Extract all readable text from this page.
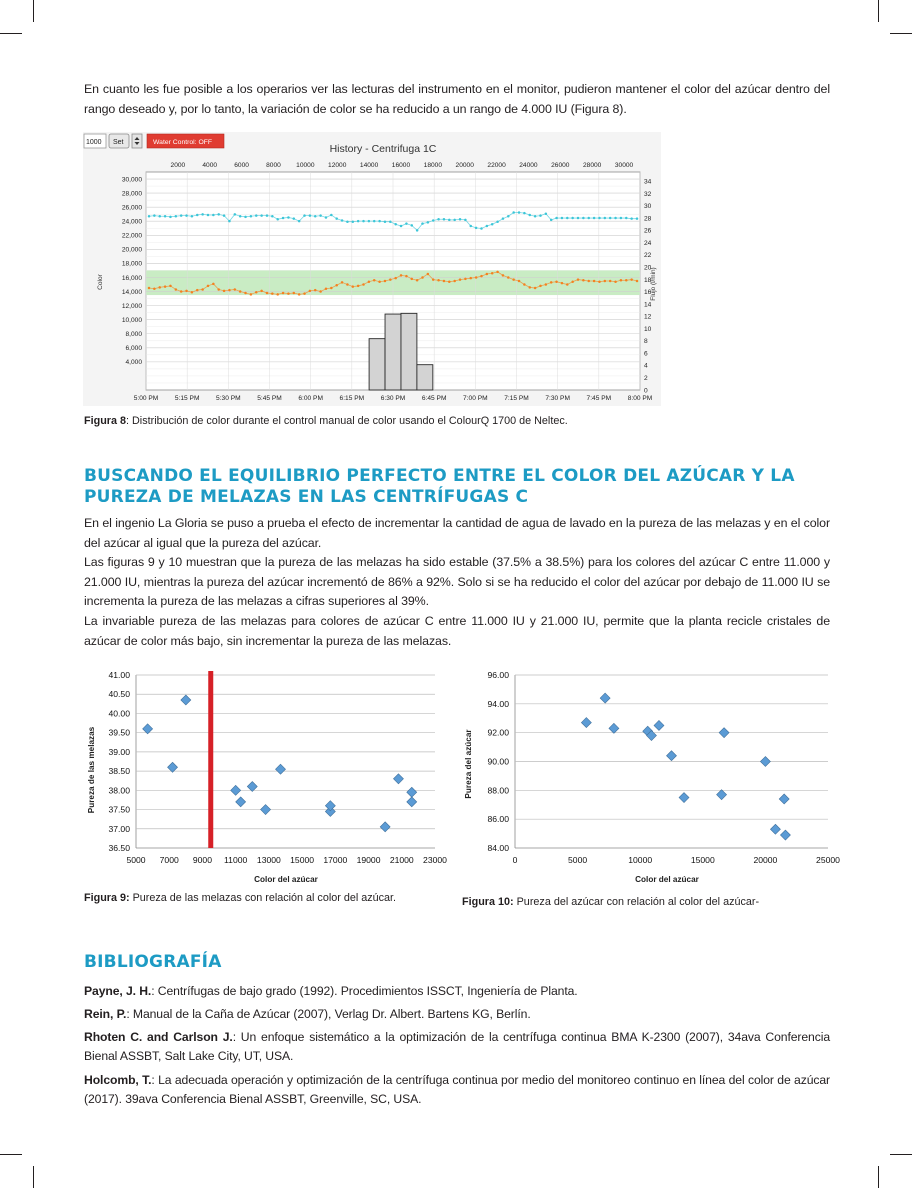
En cuanto les fue posible a los operarios ver las lecturas del instrumento en el monitor, pudieron mantener el color del azúcar dentro del rango deseado y, por lo tanto, la variación de color se ha reducido a un rango de 4.000 IU (Figura 8).

1000 Set	Water Control: OFF
History - Centrifuga 1C
2000	4000	6000	8000 10000 12000 14000 16000 18000 20000 22000 24000 26000 28000 30000
4,000
6,000
8,000
10,000
12,000
14,000
16,000
18,000
20,000
22,000
24,000
26,000
28,000
30,000
0
2
4
6
8
10
12
14
16
18
20
22
24
26
28
30
32
34
5:00 PM	5:15 PM	5:30 PM	5:45 PM	6:00 PM	6:15 PM	6:30 PM	6:45 PM	7:00 PM	7:15 PM	7:30 PM	7:45 PM	8:00 PM
Color	Flujo (l/min)

Figura 8: Distribución de color durante el control manual de color usando el ColourQ 1700 de Neltec.

BUSCANDO EL EQUILIBRIO PERFECTO ENTRE EL COLOR DEL AZÚCAR Y LA
PUREZA DE MELAZAS EN LAS CENTRÍFUGAS C
En el ingenio La Gloria se puso a prueba el efecto de incrementar la cantidad de agua de lavado en la pureza de las melazas y en el color del azúcar al igual que la pureza del azúcar.
Las figuras 9 y 10 muestran que la pureza de las melazas ha sido estable (37.5% a 38.5%) para los colores del azúcar C entre 11.000 y 21.000 IU, mientras la pureza del azúcar incrementó de 86% a 92%. Solo si se ha reducido el color del azúcar por debajo de 11.000 IU se incrementa la pureza de las melazas a cifras superiores al 39%.
La invariable pureza de las melazas para colores de azúcar C entre 11.000 IU y 21.000 IU, permite que la planta recicle cristales de azúcar de color más bajo, sin incrementar la pureza de las melazas.
36.50
37.00
37.50
38.00
38.50
39.00
39.50
40.00
40.50
41.00
5000 7000 9000 11000 13000 15000 17000 19000 21000 23000
Color del azúcar
Pureza de las melazas

Figura 9: Pureza de las melazas con relación al color del azúcar.

84.00
86.00
88.00
90.00
92.00
94.00
96.00
0	5000	10000	15000	20000	25000
Color del azúcar
Pureza del azúcar

Figura 10: Pureza del azúcar con relación al color del azúcar-

BIBLIOGRAFÍA

Payne, J. H.: Centrífugas de bajo grado (1992). Procedimientos ISSCT, Ingeniería de Planta.

Rein, P.: Manual de la Caña de Azúcar (2007), Verlag Dr. Albert. Bartens KG, Berlín.

Rhoten C. and Carlson J.: Un enfoque sistemático a la optimización de la centrífuga continua BMA K-2300 (2007), 34ava Conferencia Bienal ASSBT, Salt Lake City, UT, USA.

Holcomb, T.: La adecuada operación y optimización de la centrífuga continua por medio del monitoreo continuo en línea del color de azúcar (2017). 39ava Conferencia Bienal ASSBT, Greenville, SC, USA.
